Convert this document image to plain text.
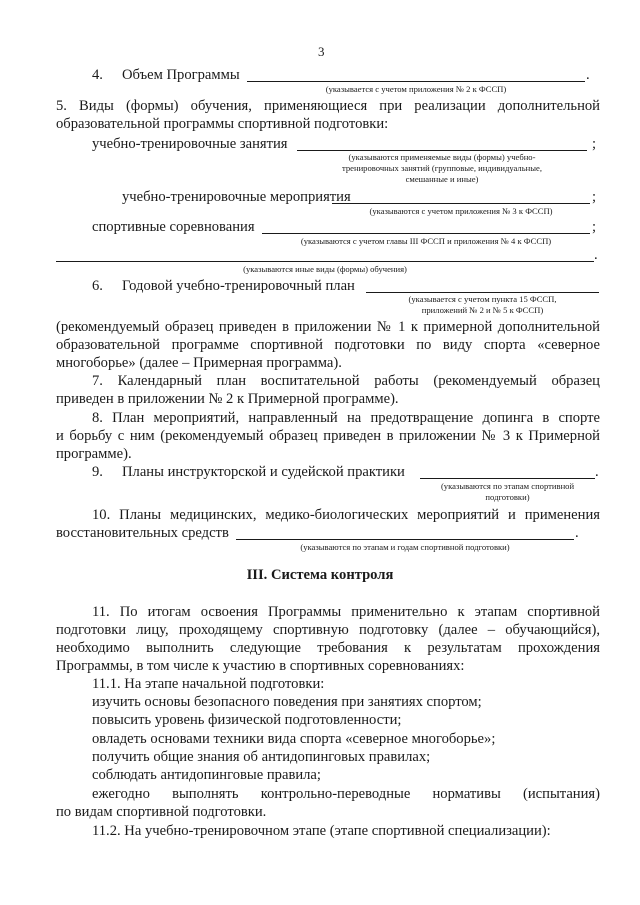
3
4. Объем Программы	.
(указывается с учетом приложения № 2 к ФССП)
5. Виды (формы) обучения, применяющиеся при реализации дополнительной
образовательной программы спортивной подготовки:
учебно-тренировочные занятия	;
(указываются применяемые виды (формы) учебно-
тренировочных занятий (групповые, индивидуальные,
смешанные и иные)
учебно-тренировочные мероприятия	;
(указываются с учетом приложения № 3 к ФССП)
спортивные соревнования	;
(указываются с учетом главы III ФССП и приложения № 4 к ФССП)
.
(указываются иные виды (формы) обучения)
6. Годовой учебно-тренировочный план
(указывается с учетом пункта 15 ФССП,
приложений № 2 и № 5 к ФССП)
(рекомендуемый образец приведен в приложении № 1 к примерной дополнительной
образовательной программе спортивной подготовки по виду спорта «северное
многоборье» (далее – Примерная программа).
7. Календарный план воспитательной работы (рекомендуемый образец
приведен в приложении № 2 к Примерной программе).
8. План мероприятий, направленный на предотвращение допинга в спорте
и борьбу с ним (рекомендуемый образец приведен в приложении № 3 к Примерной
программе).
9. Планы инструкторской и судейской практики	.
(указываются по этапам спортивной
подготовки)
10. Планы медицинских, медико-биологических мероприятий и применения
восстановительных средств	.
(указываются по этапам и годам спортивной подготовки)
III. Система контроля
11. По итогам освоения Программы применительно к этапам спортивной
подготовки лицу, проходящему спортивную подготовку (далее – обучающийся),
необходимо выполнить следующие требования к результатам прохождения
Программы, в том числе к участию в спортивных соревнованиях:
11.1. На этапе начальной подготовки:
изучить основы безопасного поведения при занятиях спортом;
повысить уровень физической подготовленности;
овладеть основами техники вида спорта «северное многоборье»;
получить общие знания об антидопинговых правилах;
соблюдать антидопинговые правила;
ежегодно выполнять контрольно-переводные нормативы (испытания)
по видам спортивной подготовки.
11.2. На учебно-тренировочном этапе (этапе спортивной специализации):
